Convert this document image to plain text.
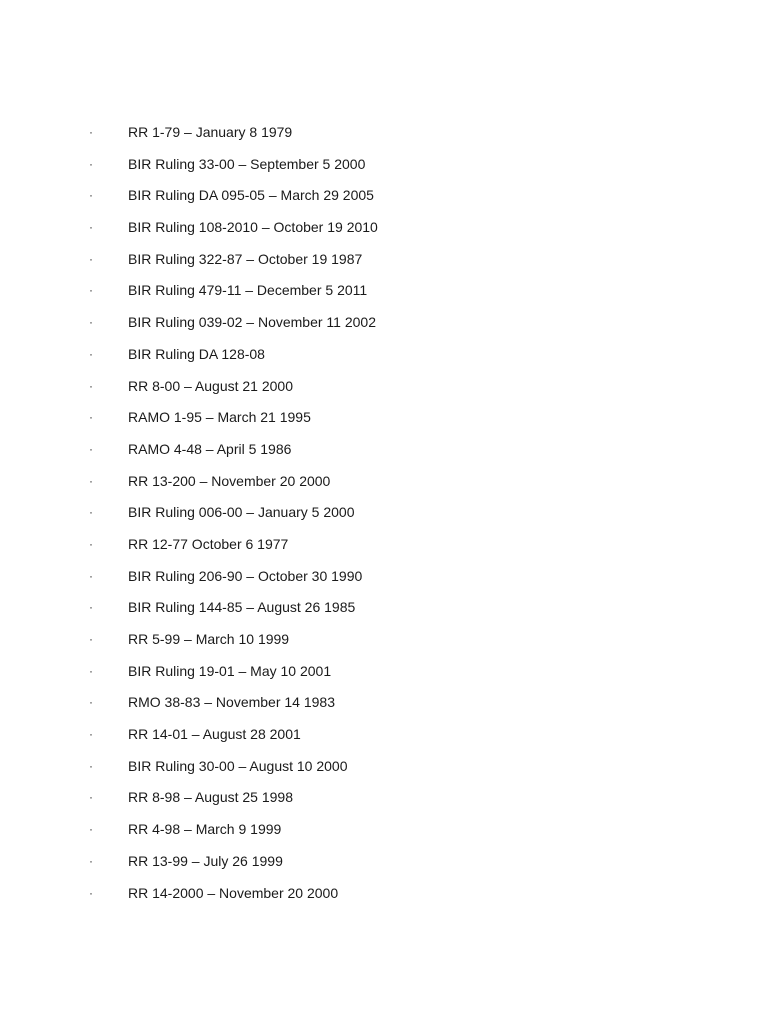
·	RR 1-79 – January 8 1979
·	BIR Ruling 33-00 – September 5 2000
·	BIR Ruling DA 095-05 – March 29 2005
·	BIR Ruling 108-2010 – October 19 2010
·	BIR Ruling 322-87 – October 19 1987
·	BIR Ruling 479-11 – December 5 2011
·	BIR Ruling 039-02 – November 11 2002
·	BIR Ruling DA 128-08
·	RR 8-00 – August 21 2000
·	RAMO 1-95 – March 21 1995
·	RAMO 4-48 – April 5 1986
·	RR 13-200 – November 20 2000
·	BIR Ruling 006-00 – January 5 2000
·	RR 12-77 October 6 1977
·	BIR Ruling 206-90 – October 30 1990
·	BIR Ruling 144-85 – August 26 1985
·	RR 5-99 – March 10 1999
·	BIR Ruling 19-01 – May 10 2001
·	RMO 38-83 – November 14 1983
·	RR 14-01 – August 28 2001
·	BIR Ruling 30-00 – August 10 2000
·	RR 8-98 – August 25 1998
·	RR 4-98 – March 9 1999
·	RR 13-99 – July 26 1999
·	RR 14-2000 – November 20 2000
